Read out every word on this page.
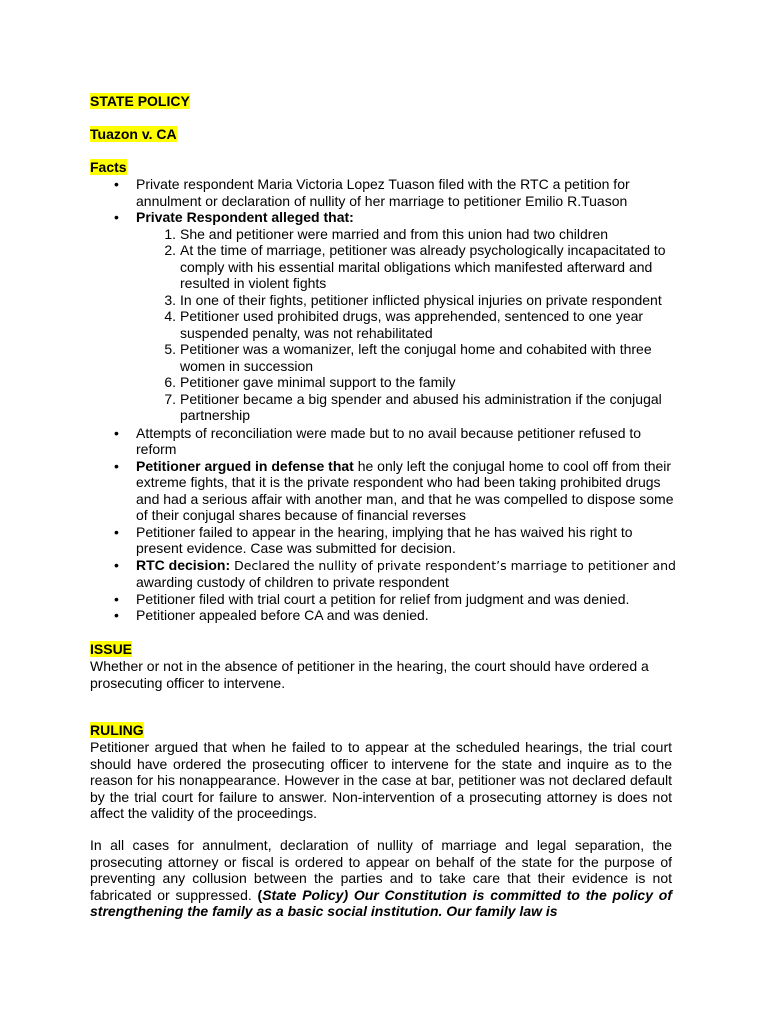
STATE POLICY
Tuazon v. CA
Facts
• Private respondent Maria Victoria Lopez Tuason filed with the RTC a petition for annulment or declaration of nullity of her marriage to petitioner Emilio R.Tuason
• Private Respondent alleged that:
1. She and petitioner were married and from this union had two children
2. At the time of marriage, petitioner was already psychologically incapacitated to comply with his essential marital obligations which manifested afterward and resulted in violent fights
3. In one of their fights, petitioner inflicted physical injuries on private respondent
4. Petitioner used prohibited drugs, was apprehended, sentenced to one year suspended penalty, was not rehabilitated
5. Petitioner was a womanizer, left the conjugal home and cohabited with three women in succession
6. Petitioner gave minimal support to the family
7. Petitioner became a big spender and abused his administration if the conjugal partnership
• Attempts of reconciliation were made but to no avail because petitioner refused to reform
• Petitioner argued in defense that he only left the conjugal home to cool off from their extreme fights, that it is the private respondent who had been taking prohibited drugs and had a serious affair with another man, and that he was compelled to dispose some of their conjugal shares because of financial reverses
• Petitioner failed to appear in the hearing, implying that he has waived his right to present evidence. Case was submitted for decision.
• RTC decision: Declared the nullity of private respondent’s marriage to petitioner and
awarding custody of children to private respondent
• Petitioner filed with trial court a petition for relief from judgment and was denied.
• Petitioner appealed before CA and was denied.
ISSUE

Whether or not in the absence of petitioner in the hearing, the court should have ordered a prosecuting officer to intervene.

RULING

Petitioner argued that when he failed to to appear at the scheduled hearings, the trial court should have ordered the prosecuting officer to intervene for the state and inquire as to the reason for his nonappearance. However in the case at bar, petitioner was not declared default by the trial court for failure to answer. Non-intervention of a prosecuting attorney is does not affect the validity of the proceedings.

In all cases for annulment, declaration of nullity of marriage and legal separation, the prosecuting attorney or fiscal is ordered to appear on behalf of the state for the purpose of preventing any collusion between the parties and to take care that their evidence is not fabricated or suppressed. (State Policy) Our Constitution is committed to the policy of strengthening the family as a basic social institution. Our family law is
